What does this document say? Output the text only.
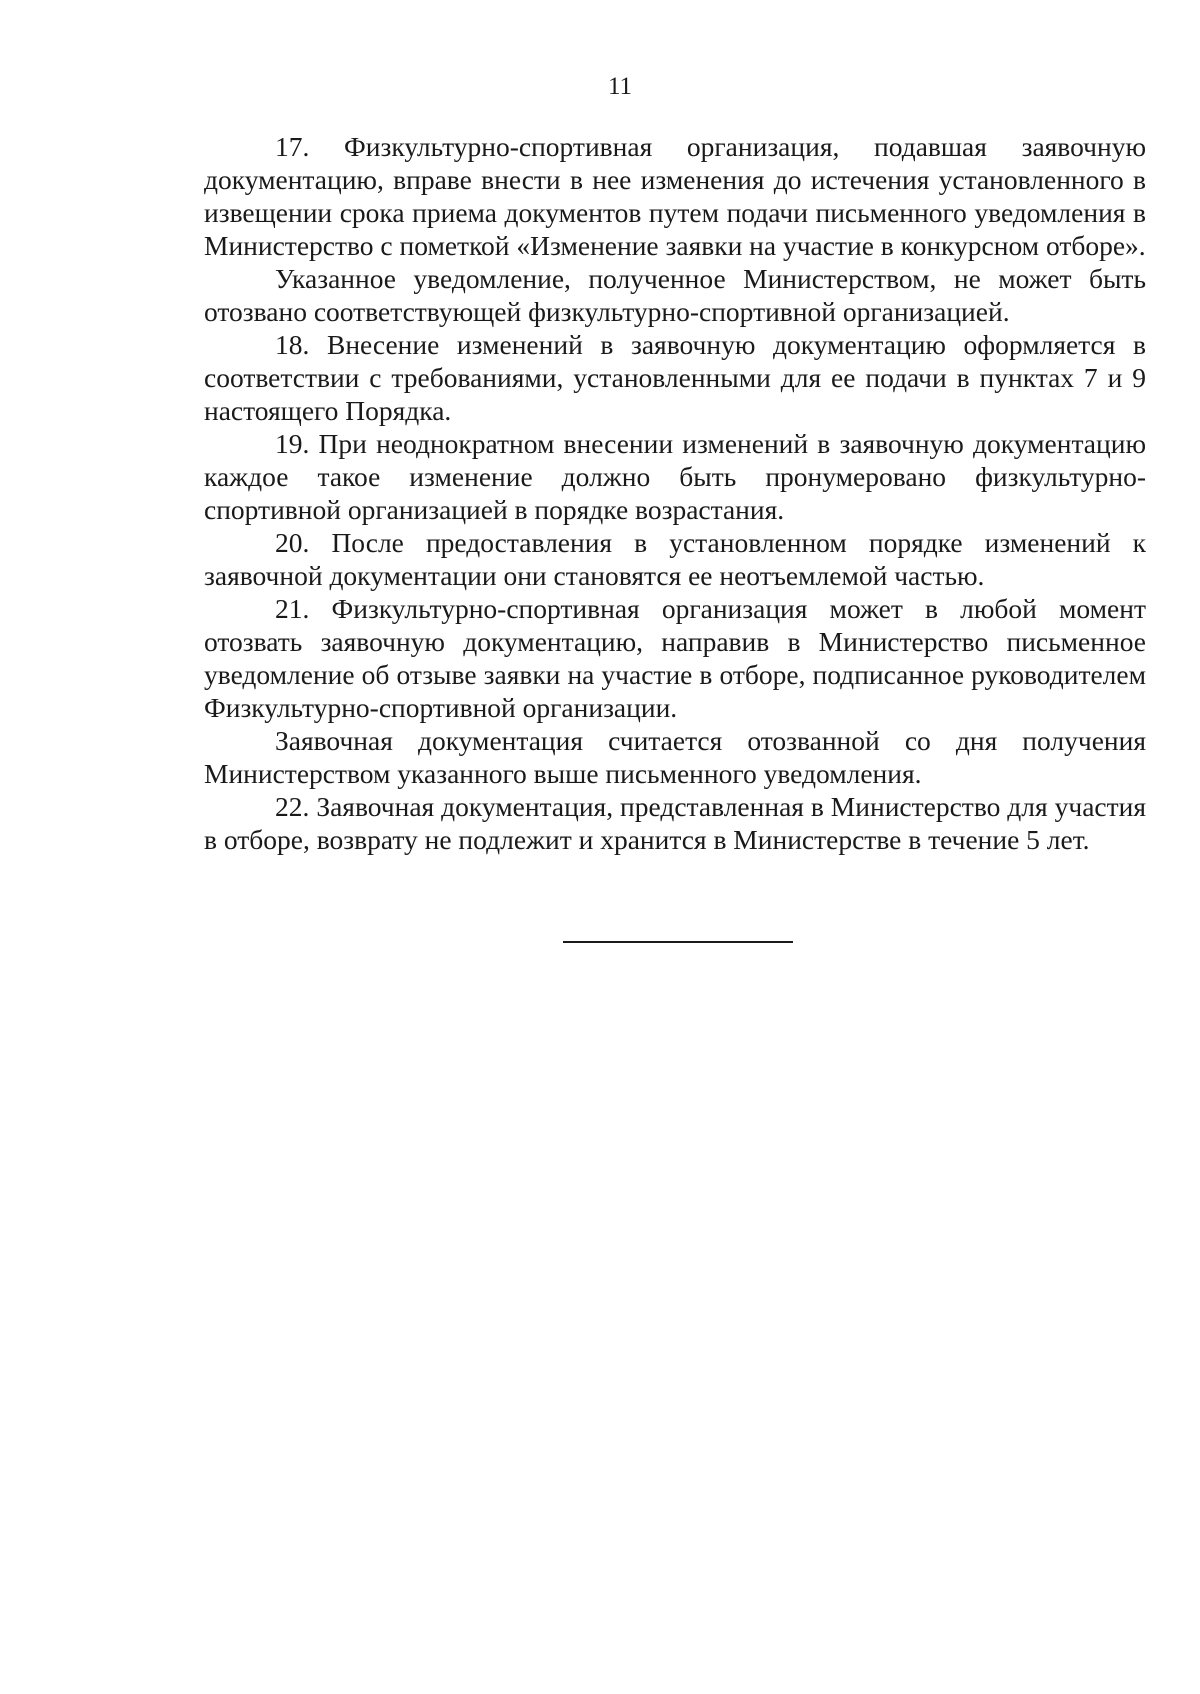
11

17. Физкультурно-спортивная организация, подавшая заявочную документацию, вправе внести в нее изменения до истечения установленного в извещении срока приема документов путем подачи письменного уведомления в Министерство с пометкой «Изменение заявки на участие в конкурсном отборе».

Указанное уведомление, полученное Министерством, не может быть отозвано соответствующей физкультурно-спортивной организацией.

18. Внесение изменений в заявочную документацию оформляется в соответствии с требованиями, установленными для ее подачи в пунктах 7 и 9 настоящего Порядка.

19. При неоднократном внесении изменений в заявочную документацию каждое такое изменение должно быть пронумеровано физкультурно-спортивной организацией в порядке возрастания.

20. После предоставления в установленном порядке изменений к заявочной документации они становятся ее неотъемлемой частью.

21. Физкультурно-спортивная организация может в любой момент отозвать заявочную документацию, направив в Министерство письменное уведомление об отзыве заявки на участие в отборе, подписанное руководителем Физкультурно-спортивной организации.

Заявочная документация считается отозванной со дня получения Министерством указанного выше письменного уведомления.

22. Заявочная документация, представленная в Министерство для участия в отборе, возврату не подлежит и хранится в Министерстве в течение 5 лет.
